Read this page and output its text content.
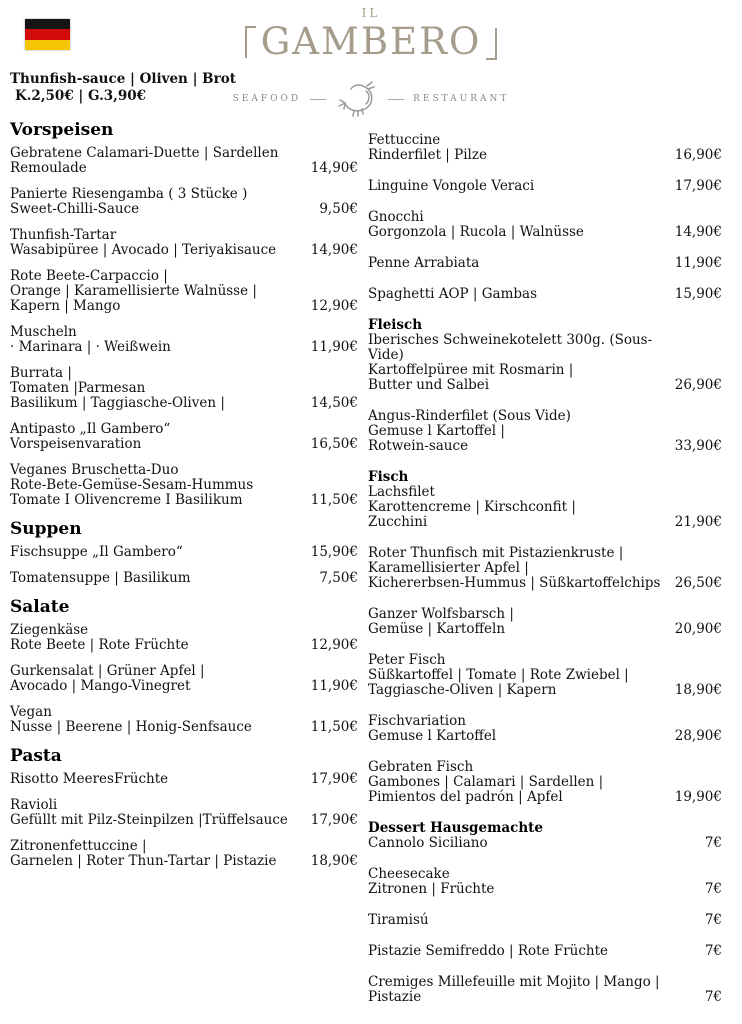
IL
GAMBERO
SEAFOOD	RESTAURANT
Thunfish-sauce | Oliven | Brot
K.2,50€ | G.3,90€
Vorspeisen
Gebratene Calamari-Duette | Sardellen
Remoulade	14,90€
Panierte Riesengamba ( 3 Stücke )
Sweet-Chilli-Sauce	9,50€
Thunfish-Tartar
Wasabipüree | Avocado | Teriyakisauce	14,90€
Rote Beete-Carpaccio |
Orange | Karamellisierte Walnüsse |
Kapern | Mango	12,90€
Muscheln
· Marinara | · Weißwein	11,90€
Burrata |
Tomaten |Parmesan
Basilikum | Taggiasche-Oliven |	14,50€
Antipasto „Il Gambero“
Vorspeisenvaration	16,50€
Veganes Bruschetta-Duo
Rote-Bete-Gemüse-Sesam-Hummus
Tomate I Olivencreme I Basilikum	11,50€
Suppen
Fischsuppe „Il Gambero“	15,90€
Tomatensuppe | Basilikum	7,50€
Salate
Ziegenkäse
Rote Beete | Rote Früchte	12,90€
Gurkensalat | Grüner Apfel |
Avocado | Mango-Vinegret	11,90€
Vegan
Nusse | Beerene | Honig-Senfsauce	11,50€
Pasta
Risotto MeeresFrüchte	17,90€
Ravioli
Gefüllt mit Pilz-Steinpilzen |Trüffelsauce	17,90€
Zitronenfettuccine |
Garnelen | Roter Thun-Tartar | Pistazie	18,90€
Fettuccine
Rinderfilet | Pilze	16,90€
Linguine Vongole Veraci	17,90€
Gnocchi
Gorgonzola | Rucola | Walnüsse	14,90€
Penne Arrabiata	11,90€
Spaghetti AOP | Gambas	15,90€
Fleisch
Iberisches Schweinekotelett 300g. (Sous-Vide)
Kartoffelpüree mit Rosmarin |
Butter und Salbei	26,90€
Angus-Rinderfilet (Sous Vide)
Gemuse l Kartoffel |
Rotwein-sauce	33,90€
Fisch
Lachsfilet
Karottencreme | Kirschconfit |
Zucchini	21,90€
Roter Thunfisch mit Pistazienkruste |
Karamellisierter Apfel |
Kichererbsen-Hummus | Süßkartoffelchips	26,50€
Ganzer Wolfsbarsch |
Gemüse | Kartoffeln	20,90€
Peter Fisch
Süßkartoffel | Tomate | Rote Zwiebel |
Taggiasche-Oliven | Kapern	18,90€
Fischvariation
Gemuse l Kartoffel	28,90€
Gebraten Fisch
Gambones | Calamari | Sardellen |
Pimientos del padrón | Apfel	19,90€
Dessert Hausgemachte
Cannolo Siciliano	7€
Cheesecake
Zitronen | Früchte	7€
Tiramisú	7€
Pistazie Semifreddo | Rote Früchte	7€
Cremiges Millefeuille mit Mojito | Mango | Pistazie	7€
